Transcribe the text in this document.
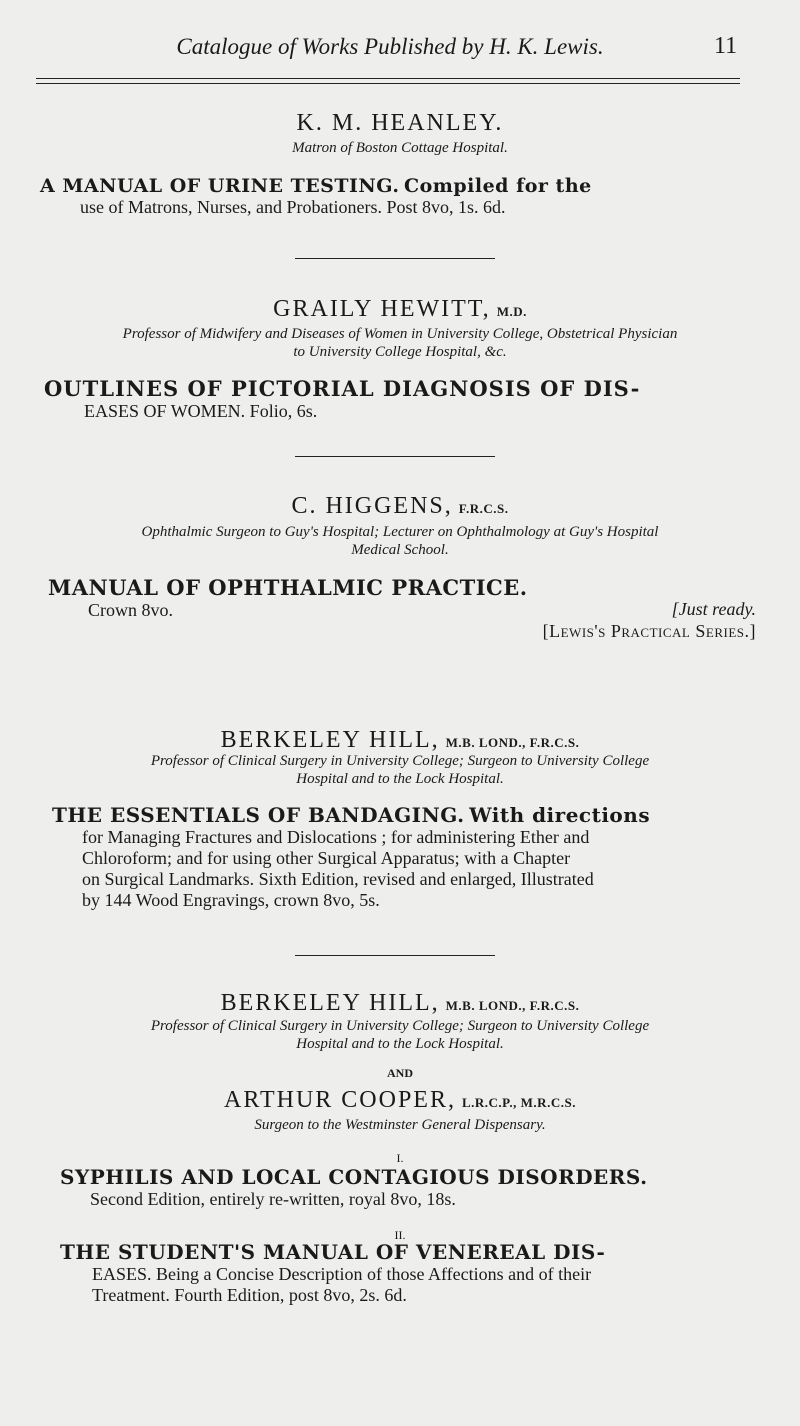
Catalogue of Works Published by H. K. Lewis.	11
K. M. HEANLEY.
Matron of Boston Cottage Hospital.
A MANUAL OF URINE TESTING. Compiled for the
use of Matrons, Nurses, and Probationers. Post 8vo, 1s. 6d.
GRAILY HEWITT, M.D.
Professor of Midwifery and Diseases of Women in University College, Obstetrical Physician
to University College Hospital, &c.
OUTLINES OF PICTORIAL DIAGNOSIS OF DIS-
EASES OF WOMEN. Folio, 6s.
C. HIGGENS, F.R.C.S.
Ophthalmic Surgeon to Guy's Hospital; Lecturer on Ophthalmology at Guy's Hospital
Medical School.
MANUAL OF OPHTHALMIC PRACTICE.
Crown 8vo.	[Just ready.
[Lewis's Practical Series.]
BERKELEY HILL, M.B. LOND., F.R.C.S.
Professor of Clinical Surgery in University College; Surgeon to University College
Hospital and to the Lock Hospital.
THE ESSENTIALS OF BANDAGING. With directions
for Managing Fractures and Dislocations ; for administering Ether and
Chloroform; and for using other Surgical Apparatus; with a Chapter
on Surgical Landmarks. Sixth Edition, revised and enlarged, Illustrated
by 144 Wood Engravings, crown 8vo, 5s.
BERKELEY HILL, M.B. LOND., F.R.C.S.
Professor of Clinical Surgery in University College; Surgeon to University College
Hospital and to the Lock Hospital.
AND
ARTHUR COOPER, L.R.C.P., M.R.C.S.
Surgeon to the Westminster General Dispensary.
I.
SYPHILIS AND LOCAL CONTAGIOUS DISORDERS.
Second Edition, entirely re-written, royal 8vo, 18s.
II.
THE STUDENT'S MANUAL OF VENEREAL DIS-
EASES. Being a Concise Description of those Affections and of their
Treatment. Fourth Edition, post 8vo, 2s. 6d.
